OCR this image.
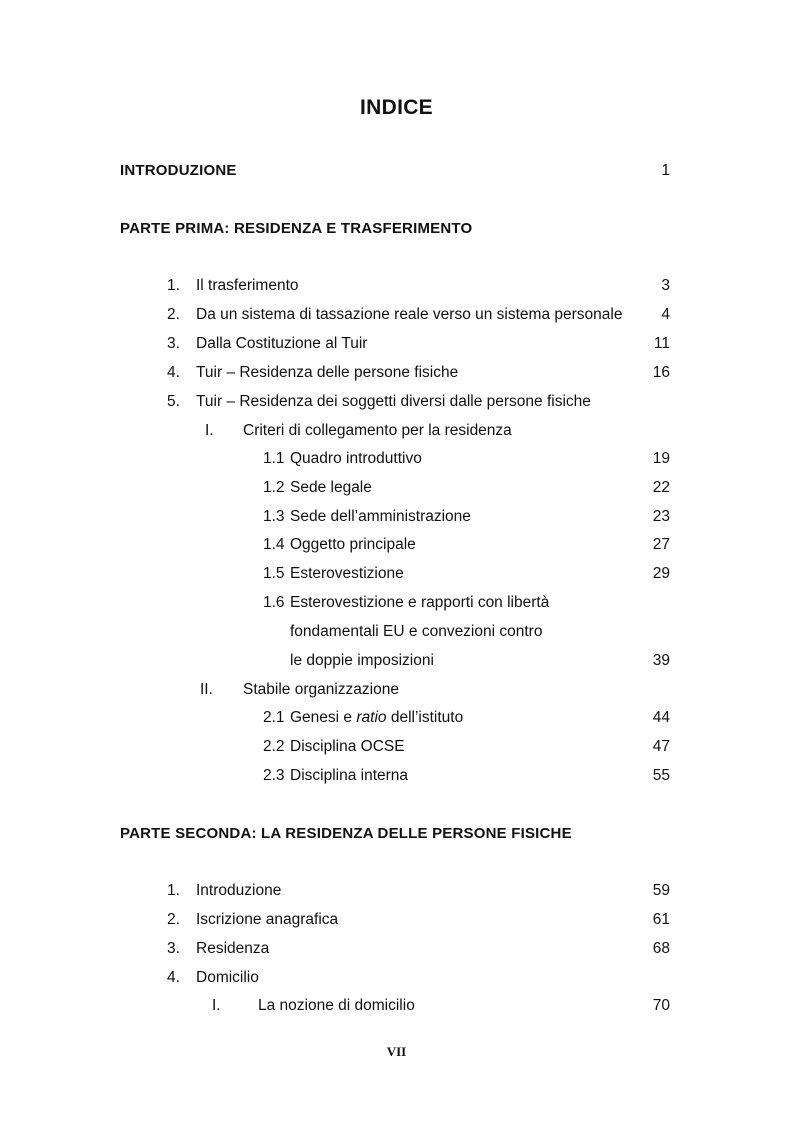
INDICE
INTRODUZIONE	1
PARTE PRIMA: RESIDENZA E TRASFERIMENTO
1. Il trasferimento	3
2. Da un sistema di tassazione reale verso un sistema personale	4
3. Dalla Costituzione al Tuir	11
4. Tuir – Residenza delle persone fisiche	16
5. Tuir – Residenza dei soggetti diversi dalle persone fisiche
I. Criteri di collegamento per la residenza
1.1 Quadro introduttivo	19
1.2 Sede legale	22
1.3 Sede dell’amministrazione	23
1.4 Oggetto principale	27
1.5 Esterovestizione	29
1.6 Esterovestizione e rapporti con libertà
fondamentali EU e convezioni contro
le doppie imposizioni	39
II. Stabile organizzazione
2.1 Genesi e ratio dell’istituto	44
2.2 Disciplina OCSE	47
2.3 Disciplina interna	55
PARTE SECONDA: LA RESIDENZA DELLE PERSONE FISICHE
1. Introduzione	59
2. Iscrizione anagrafica	61
3. Residenza	68
4. Domicilio
I. La nozione di domicilio	70
VII
